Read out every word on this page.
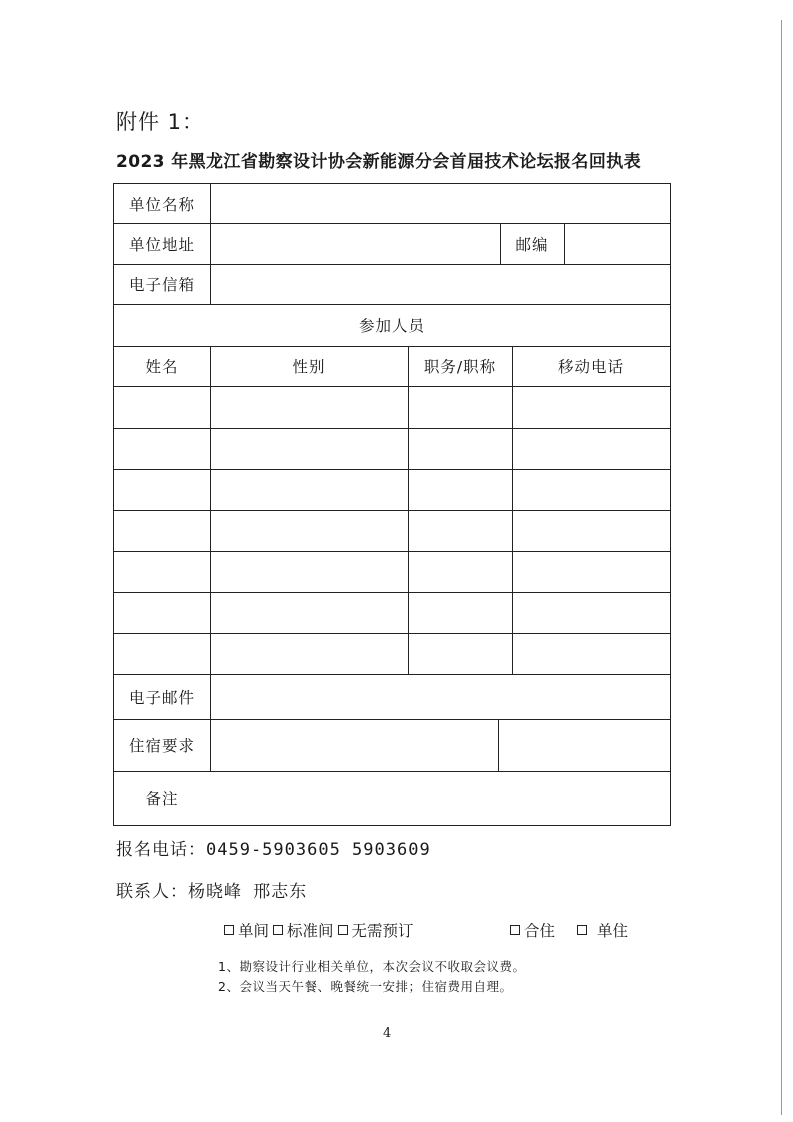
附件 1：
2023 年黑龙江省勘察设计协会新能源分会首届技术论坛报名回执表
单位名称
单位地址	邮编
电子信箱
参加人员
姓名	性别	职务/职称	移动电话
电子邮件
住宿要求
备注
单间 标准间 无需预订	合住	单住
1、勘察设计行业相关单位，本次会议不收取会议费。
2、会议当天午餐、晚餐统一安排；住宿费用自理。
报名电话：0459-5903605 5903609
联系人：杨晓峰 邢志东
4
